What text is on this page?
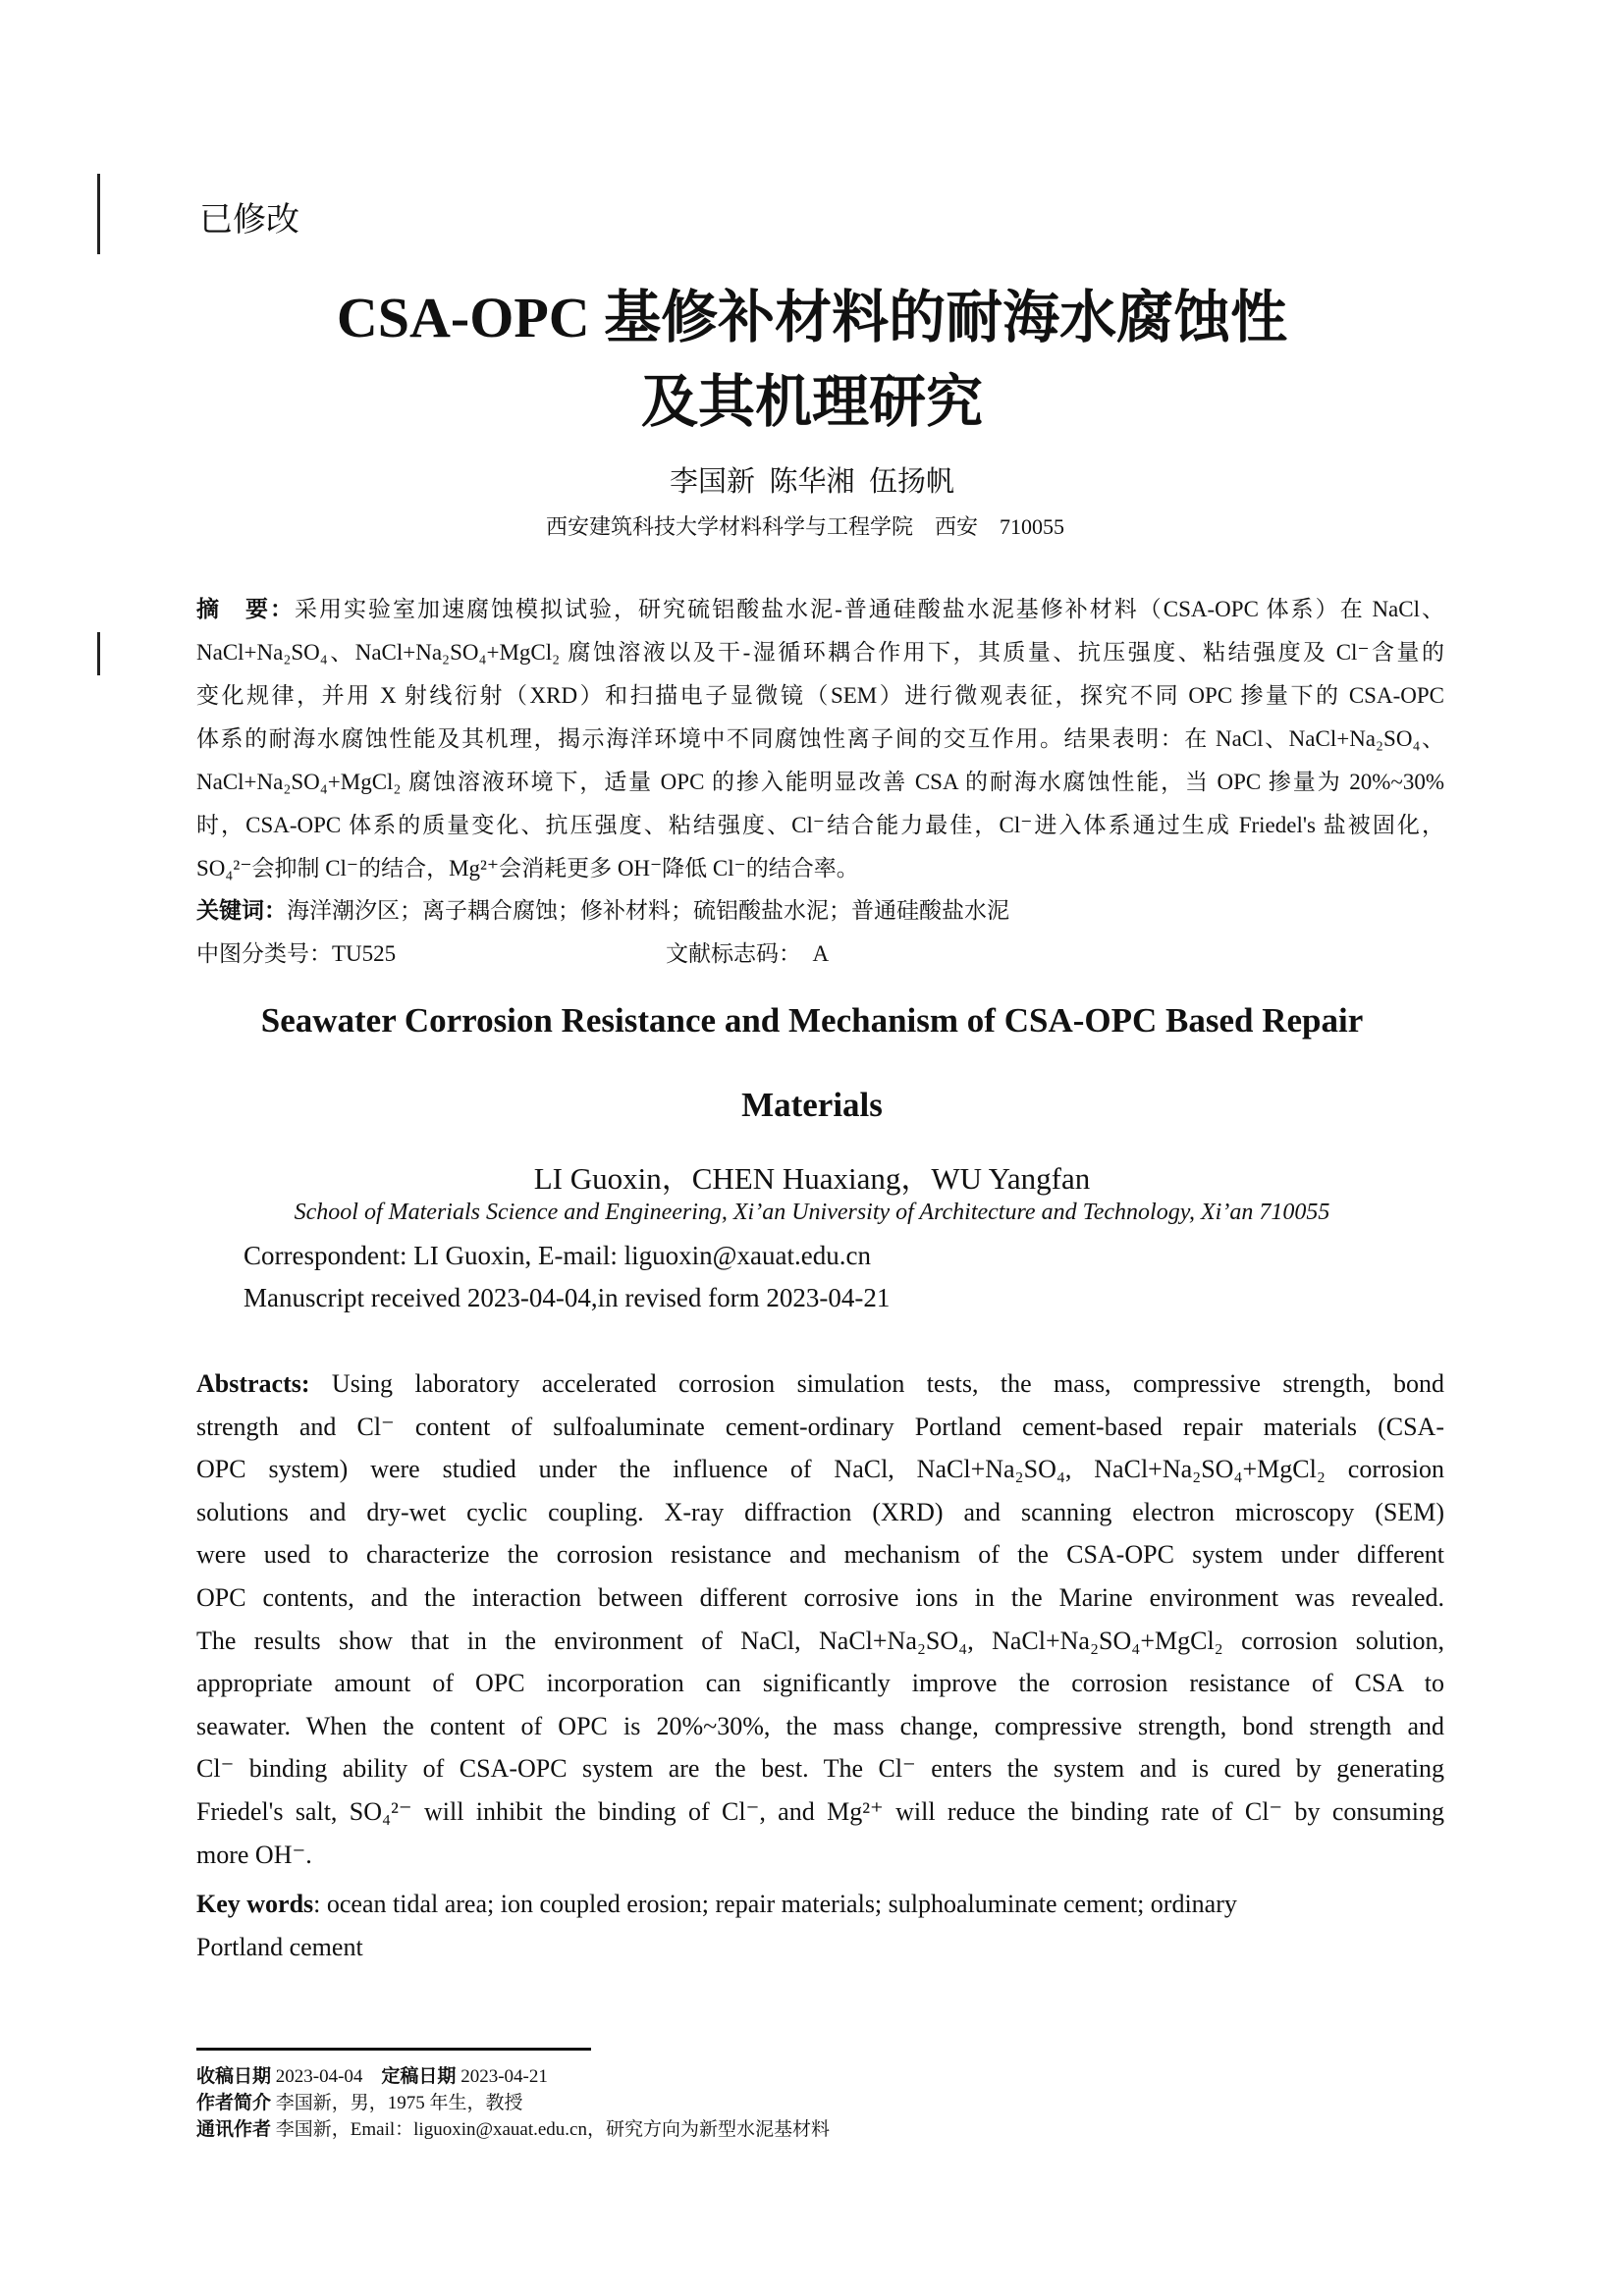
已修改
CSA-OPC 基修补材料的耐海水腐蚀性
及其机理研究
李国新  陈华湘  伍扬帆
西安建筑科技大学材料科学与工程学院　西安　710055
摘　要：采用实验室加速腐蚀模拟试验，研究硫铝酸盐水泥-普通硅酸盐水泥基修补材料（CSA-OPC 体系）在 NaCl、
NaCl+Na₂SO₄、NaCl+Na₂SO₄+MgCl₂ 腐蚀溶液以及干-湿循环耦合作用下，其质量、抗压强度、粘结强度及 Cl⁻含量的
变化规律，并用 X 射线衍射（XRD）和扫描电子显微镜（SEM）进行微观表征，探究不同 OPC 掺量下的 CSA-OPC
体系的耐海水腐蚀性能及其机理，揭示海洋环境中不同腐蚀性离子间的交互作用。结果表明：在 NaCl、NaCl+Na₂SO₄、
NaCl+Na₂SO₄+MgCl₂ 腐蚀溶液环境下，适量 OPC 的掺入能明显改善 CSA 的耐海水腐蚀性能，当 OPC 掺量为 20%~30%
时，CSA-OPC 体系的质量变化、抗压强度、粘结强度、Cl⁻结合能力最佳，Cl⁻进入体系通过生成 Friedel's 盐被固化，
SO₄²⁻会抑制 Cl⁻的结合，Mg²⁺会消耗更多 OH⁻降低 Cl⁻的结合率。
关键词：海洋潮汐区；离子耦合腐蚀；修补材料；硫铝酸盐水泥；普通硅酸盐水泥
中图分类号：TU525	文献标志码：　A
Seawater Corrosion Resistance and Mechanism of CSA-OPC Based Repair
Materials
LI Guoxin，CHEN Huaxiang，WU Yangfan
School of Materials Science and Engineering, Xi’an University of Architecture and Technology, Xi’an 710055
Correspondent: LI Guoxin, E-mail: liguoxin@xauat.edu.cn
Manuscript received 2023-04-04,in revised form 2023-04-21
Abstracts: Using laboratory accelerated corrosion simulation tests, the mass, compressive strength, bond
strength and Cl⁻ content of sulfoaluminate cement-ordinary Portland cement-based repair materials (CSA-
OPC system) were studied under the influence of NaCl, NaCl+Na₂SO₄, NaCl+Na₂SO₄+MgCl₂ corrosion
solutions and dry-wet cyclic coupling. X-ray diffraction (XRD) and scanning electron microscopy (SEM)
were used to characterize the corrosion resistance and mechanism of the CSA-OPC system under different
OPC contents, and the interaction between different corrosive ions in the Marine environment was revealed.
The results show that in the environment of NaCl, NaCl+Na₂SO₄, NaCl+Na₂SO₄+MgCl₂ corrosion solution,
appropriate amount of OPC incorporation can significantly improve the corrosion resistance of CSA to
seawater. When the content of OPC is 20%~30%, the mass change, compressive strength, bond strength and
Cl⁻ binding ability of CSA-OPC system are the best. The Cl⁻ enters the system and is cured by generating
Friedel's salt, SO₄²⁻ will inhibit the binding of Cl⁻, and Mg²⁺ will reduce the binding rate of Cl⁻ by consuming
more OH⁻.
Key words: ocean tidal area; ion coupled erosion; repair materials; sulphoaluminate cement; ordinary
Portland cement
收稿日期 2023-04-04 定稿日期 2023-04-21
作者简介 李国新，男，1975 年生，教授
通讯作者 李国新，Email：liguoxin@xauat.edu.cn，研究方向为新型水泥基材料
